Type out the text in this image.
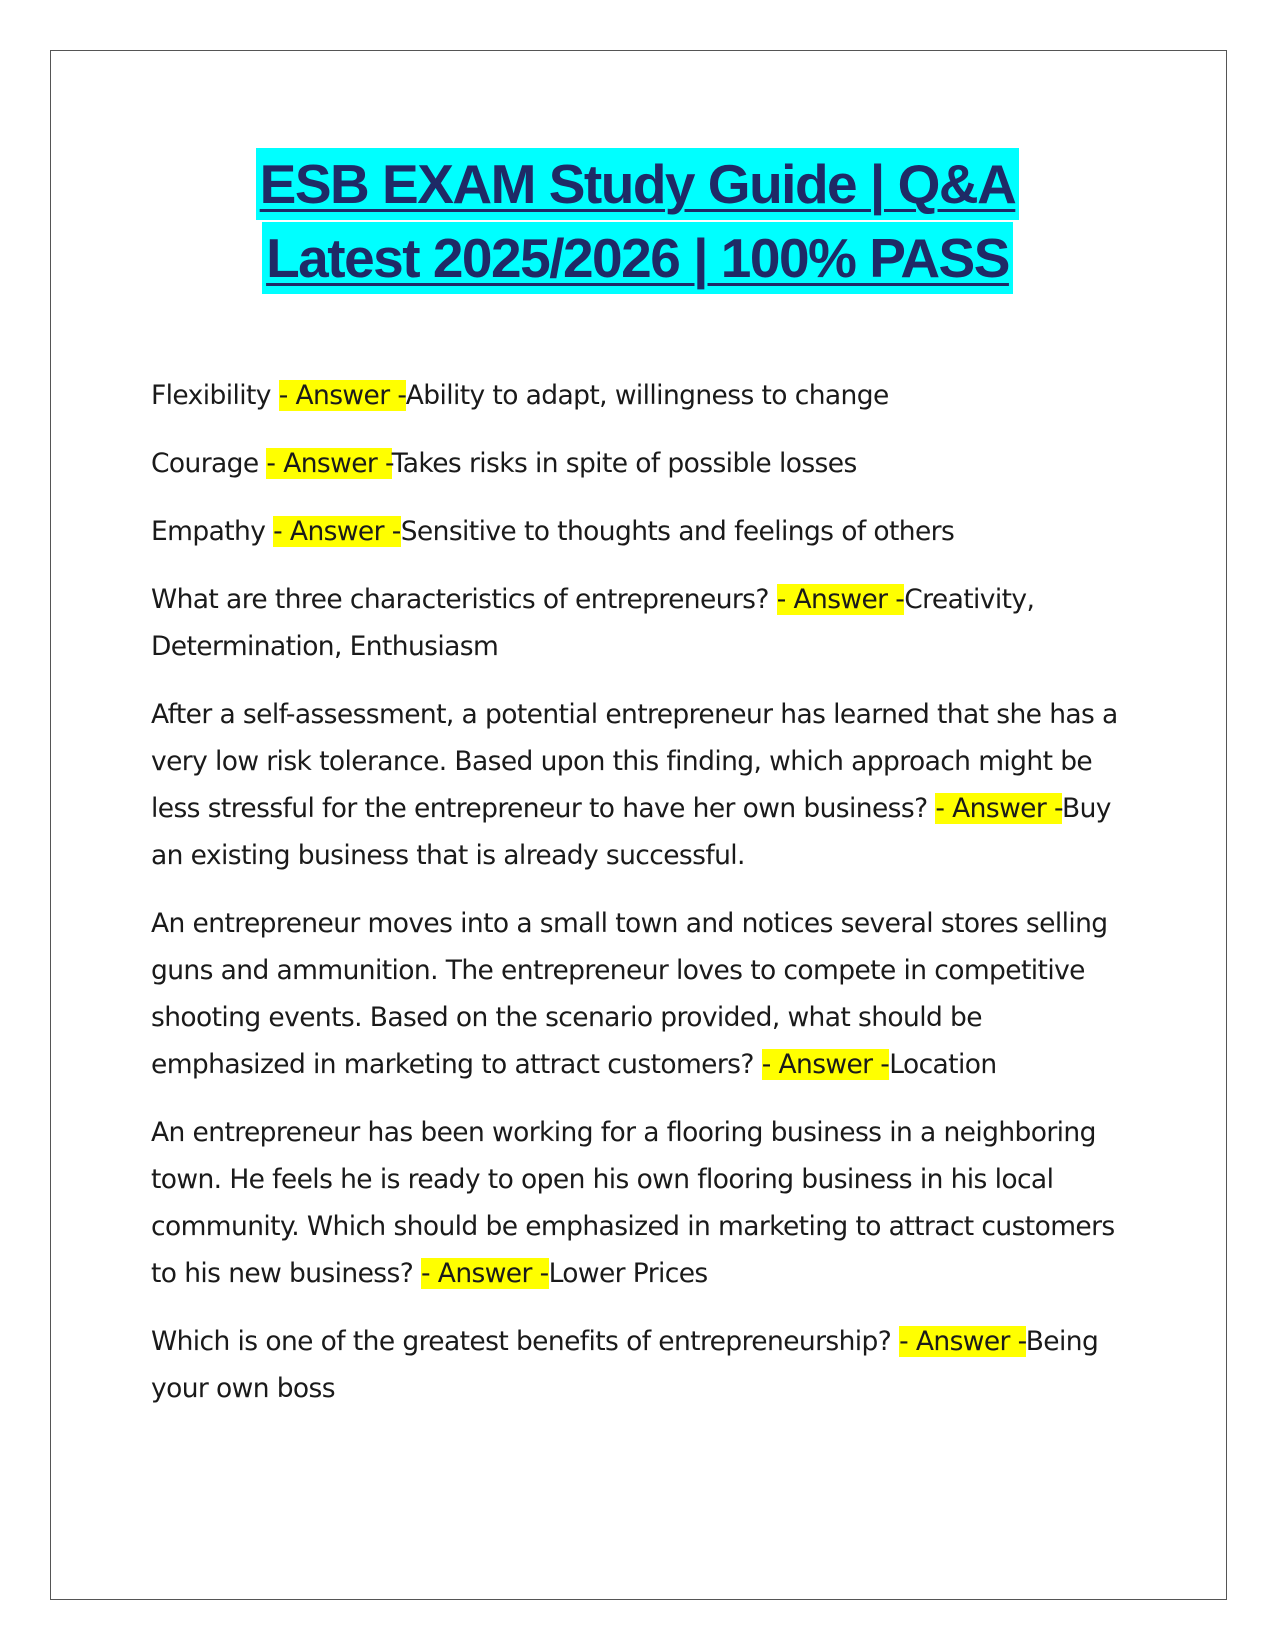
ESB EXAM Study Guide | Q&A
Latest 2025/2026 | 100% PASS

Flexibility - Answer -Ability to adapt, willingness to change

Courage - Answer -Takes risks in spite of possible losses

Empathy - Answer -Sensitive to thoughts and feelings of others

What are three characteristics of entrepreneurs? - Answer -Creativity, Determination, Enthusiasm

After a self-assessment, a potential entrepreneur has learned that she has a very low risk tolerance. Based upon this finding, which approach might be less stressful for the entrepreneur to have her own business? - Answer -Buy an existing business that is already successful.

An entrepreneur moves into a small town and notices several stores selling guns and ammunition. The entrepreneur loves to compete in competitive shooting events. Based on the scenario provided, what should be emphasized in marketing to attract customers? - Answer -Location

An entrepreneur has been working for a flooring business in a neighboring town. He feels he is ready to open his own flooring business in his local community. Which should be emphasized in marketing to attract customers to his new business? - Answer -Lower Prices

Which is one of the greatest benefits of entrepreneurship? - Answer -Being your own boss
